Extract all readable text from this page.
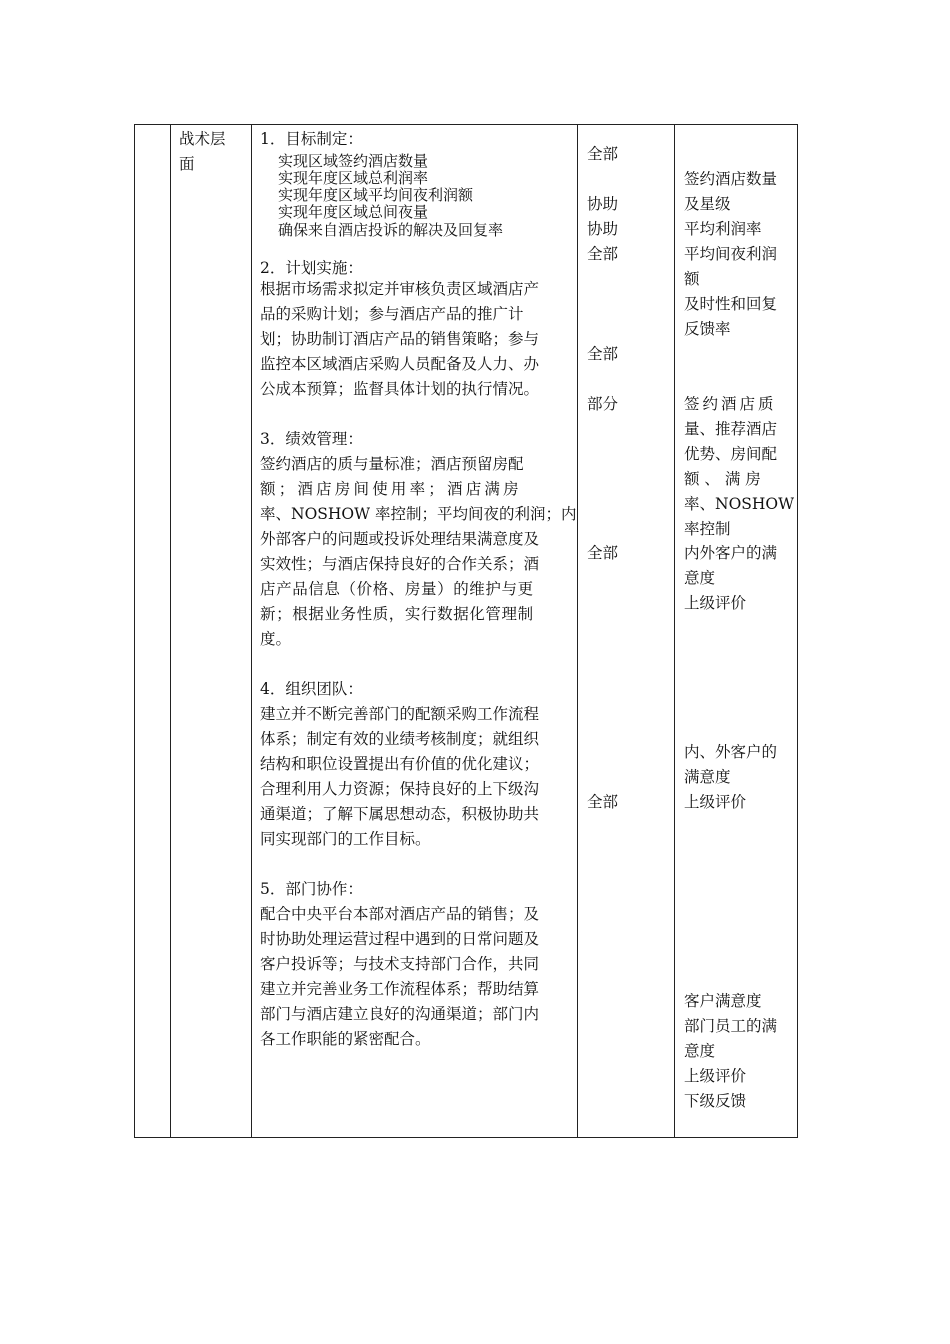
战术层
面
1．目标制定：
实现区域签约酒店数量
实现年度区域总利润率
实现年度区域平均间夜利润额
实现年度区域总间夜量
确保来自酒店投诉的解决及回复率
2．计划实施：
根据市场需求拟定并审核负责区域酒店产
品的采购计划；参与酒店产品的推广计
划；协助制订酒店产品的销售策略；参与
监控本区域酒店采购人员配备及人力、办
公成本预算；监督具体计划的执行情况。
3．绩效管理：
签约酒店的质与量标准；酒店预留房配
额；酒店房间使用率；酒店满房
率、NOSHOW 率控制；平均间夜的利润；内
外部客户的问题或投诉处理结果满意度及
实效性；与酒店保持良好的合作关系；酒
店产品信息（价格、房量）的维护与更
新；根据业务性质，实行数据化管理制
度。
4．组织团队：
建立并不断完善部门的配额采购工作流程
体系；制定有效的业绩考核制度；就组织
结构和职位设置提出有价值的优化建议；
合理利用人力资源；保持良好的上下级沟
通渠道；了解下属思想动态，积极协助共
同实现部门的工作目标。
5．部门协作：
配合中央平台本部对酒店产品的销售；及
时协助处理运营过程中遇到的日常问题及
客户投诉等；与技术支持部门合作，共同
建立并完善业务工作流程体系；帮助结算
部门与酒店建立良好的沟通渠道；部门内
各工作职能的紧密配合。
全部
协助
协助
全部
全部
部分
全部
全部
签约酒店数量
及星级
平均利润率
平均间夜利润
额
及时性和回复
反馈率
签约酒店质
量、推荐酒店
优势、房间配
额 、 满 房
率、NOSHOW
率控制
内外客户的满
意度
上级评价
内、外客户的
满意度
上级评价
客户满意度
部门员工的满
意度
上级评价
下级反馈
